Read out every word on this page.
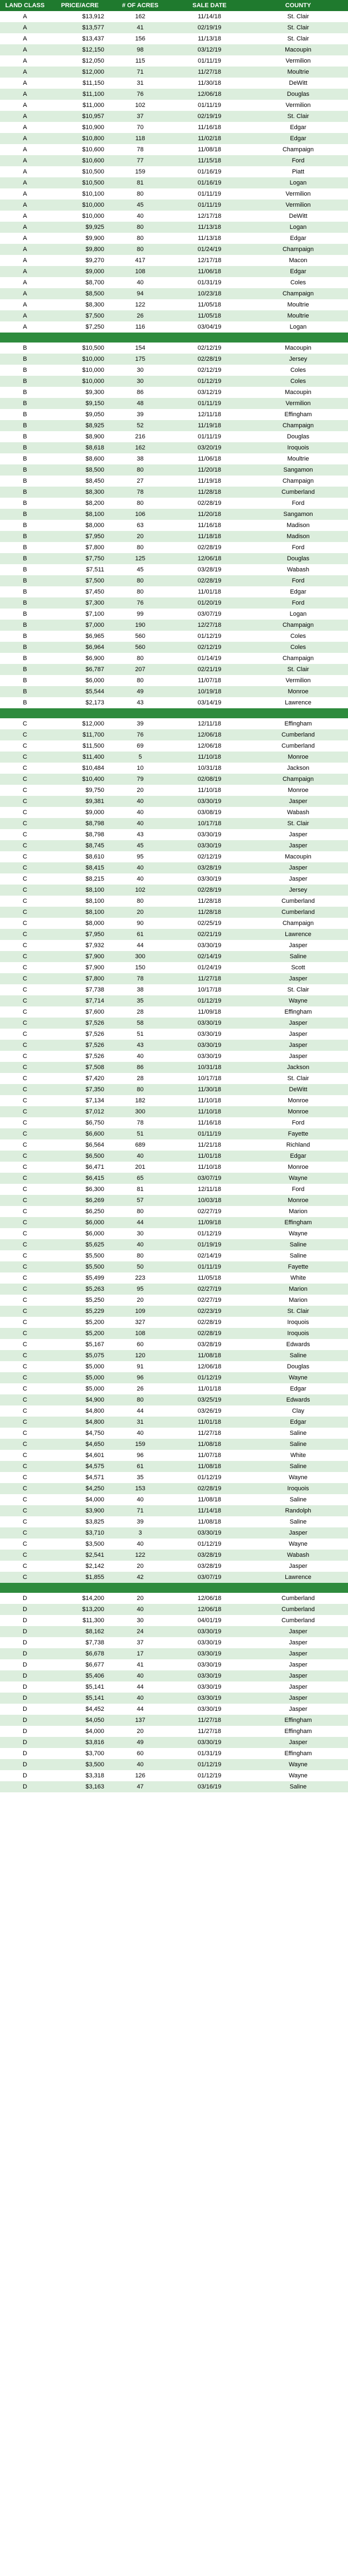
LAND CLASS	PRICE/ACRE	# OF ACRES	SALE DATE	COUNTY
A	$13,912	162	11/14/18	St. Clair
A	$13,577	41	02/19/19	St. Clair
A	$13,437	156	11/13/18	St. Clair
A	$12,150	98	03/12/19	Macoupin
A	$12,050	115	01/11/19	Vermilion
A	$12,000	71	11/27/18	Moultrie
A	$11,150	31	11/30/18	DeWitt
A	$11,100	76	12/06/18	Douglas
A	$11,000	102	01/11/19	Vermilion
A	$10,957	37	02/19/19	St. Clair
A	$10,900	70	11/16/18	Edgar
A	$10,800	118	11/02/18	Edgar
A	$10,600	78	11/08/18	Champaign
A	$10,600	77	11/15/18	Ford
A	$10,500	159	01/16/19	Piatt
A	$10,500	81	01/16/19	Logan
A	$10,100	80	01/11/19	Vermilion
A	$10,000	45	01/11/19	Vermilion
A	$10,000	40	12/17/18	DeWitt
A	$9,925	80	11/13/18	Logan
A	$9,900	80	11/13/18	Edgar
A	$9,800	80	01/24/19	Champaign
A	$9,270	417	12/17/18	Macon
A	$9,000	108	11/06/18	Edgar
A	$8,700	40	01/31/19	Coles
A	$8,500	94	10/23/18	Champaign
A	$8,300	122	11/05/18	Moultrie
A	$7,500	26	11/05/18	Moultrie
A	$7,250	116	03/04/19	Logan
B	$10,500	154	02/12/19	Macoupin
B	$10,000	175	02/28/19	Jersey
B	$10,000	30	02/12/19	Coles
B	$10,000	30	01/12/19	Coles
B	$9,300	86	03/12/19	Macoupin
B	$9,150	48	01/11/19	Vermilion
B	$9,050	39	12/11/18	Effingham
B	$8,925	52	11/19/18	Champaign
B	$8,900	216	01/11/19	Douglas
B	$8,618	162	03/20/19	Iroquois
B	$8,600	38	11/06/18	Moultrie
B	$8,500	80	11/20/18	Sangamon
B	$8,450	27	11/19/18	Champaign
B	$8,300	78	11/28/18	Cumberland
B	$8,200	80	02/28/19	Ford
B	$8,100	106	11/20/18	Sangamon
B	$8,000	63	11/16/18	Madison
B	$7,950	20	11/18/18	Madison
B	$7,800	80	02/28/19	Ford
B	$7,750	125	12/06/18	Douglas
B	$7,511	45	03/28/19	Wabash
B	$7,500	80	02/28/19	Ford
B	$7,450	80	11/01/18	Edgar
B	$7,300	76	01/20/19	Ford
B	$7,100	99	03/07/19	Logan
B	$7,000	190	12/27/18	Champaign
B	$6,965	560	01/12/19	Coles
B	$6,964	560	02/12/19	Coles
B	$6,900	80	01/14/19	Champaign
B	$6,787	207	02/21/19	St. Clair
B	$6,000	80	11/07/18	Vermilion
B	$5,544	49	10/19/18	Monroe
B	$2,173	43	03/14/19	Lawrence
C	$12,000	39	12/11/18	Effingham
C	$11,700	76	12/06/18	Cumberland
C	$11,500	69	12/06/18	Cumberland
C	$11,400	5	11/10/18	Monroe
C	$10,484	10	10/31/18	Jackson
C	$10,400	79	02/08/19	Champaign
C	$9,750	20	11/10/18	Monroe
C	$9,381	40	03/30/19	Jasper
C	$9,000	40	03/08/19	Wabash
C	$8,798	40	10/17/18	St. Clair
C	$8,798	43	03/30/19	Jasper
C	$8,745	45	03/30/19	Jasper
C	$8,610	95	02/12/19	Macoupin
C	$8,415	40	03/28/19	Jasper
C	$8,215	40	03/30/19	Jasper
C	$8,100	102	02/28/19	Jersey
C	$8,100	80	11/28/18	Cumberland
C	$8,100	20	11/28/18	Cumberland
C	$8,000	90	02/25/19	Champaign
C	$7,950	61	02/21/19	Lawrence
C	$7,932	44	03/30/19	Jasper
C	$7,900	300	02/14/19	Saline
C	$7,900	150	01/24/19	Scott
C	$7,800	78	11/27/18	Jasper
C	$7,738	38	10/17/18	St. Clair
C	$7,714	35	01/12/19	Wayne
C	$7,600	28	11/09/18	Effingham
C	$7,526	58	03/30/19	Jasper
C	$7,526	51	03/30/19	Jasper
C	$7,526	43	03/30/19	Jasper
C	$7,526	40	03/30/19	Jasper
C	$7,508	86	10/31/18	Jackson
C	$7,420	28	10/17/18	St. Clair
C	$7,350	80	11/30/18	DeWitt
C	$7,134	182	11/10/18	Monroe
C	$7,012	300	11/10/18	Monroe
C	$6,750	78	11/16/18	Ford
C	$6,600	51	01/11/19	Fayette
C	$6,564	689	11/21/18	Richland
C	$6,500	40	11/01/18	Edgar
C	$6,471	201	11/10/18	Monroe
C	$6,415	65	03/07/19	Wayne
C	$6,300	81	12/11/18	Ford
C	$6,269	57	10/03/18	Monroe
C	$6,250	80	02/27/19	Marion
C	$6,000	44	11/09/18	Effingham
C	$6,000	30	01/12/19	Wayne
C	$5,625	40	01/19/19	Saline
C	$5,500	80	02/14/19	Saline
C	$5,500	50	01/11/19	Fayette
C	$5,499	223	11/05/18	White
C	$5,263	95	02/27/19	Marion
C	$5,250	20	02/27/19	Marion
C	$5,229	109	02/23/19	St. Clair
C	$5,200	327	02/28/19	Iroquois
C	$5,200	108	02/28/19	Iroquois
C	$5,167	60	03/28/19	Edwards
C	$5,075	120	11/08/18	Saline
C	$5,000	91	12/06/18	Douglas
C	$5,000	96	01/12/19	Wayne
C	$5,000	26	11/01/18	Edgar
C	$4,900	80	03/25/19	Edwards
C	$4,800	44	03/26/19	Clay
C	$4,800	31	11/01/18	Edgar
C	$4,750	40	11/27/18	Saline
C	$4,650	159	11/08/18	Saline
C	$4,601	96	11/07/18	White
C	$4,575	61	11/08/18	Saline
C	$4,571	35	01/12/19	Wayne
C	$4,250	153	02/28/19	Iroquois
C	$4,000	40	11/08/18	Saline
C	$3,900	71	11/14/18	Randolph
C	$3,825	39	11/08/18	Saline
C	$3,710	3	03/30/19	Jasper
C	$3,500	40	01/12/19	Wayne
C	$2,541	122	03/28/19	Wabash
C	$2,142	20	03/28/19	Jasper
C	$1,855	42	03/07/19	Lawrence
D	$14,200	20	12/06/18	Cumberland
D	$13,200	40	12/06/18	Cumberland
D	$11,300	30	04/01/19	Cumberland
D	$8,162	24	03/30/19	Jasper
D	$7,738	37	03/30/19	Jasper
D	$6,678	17	03/30/19	Jasper
D	$6,677	41	03/30/19	Jasper
D	$5,406	40	03/30/19	Jasper
D	$5,141	44	03/30/19	Jasper
D	$5,141	40	03/30/19	Jasper
D	$4,452	44	03/30/19	Jasper
D	$4,050	137	11/27/18	Effingham
D	$4,000	20	11/27/18	Effingham
D	$3,816	49	03/30/19	Jasper
D	$3,700	60	01/31/19	Effingham
D	$3,500	40	01/12/19	Wayne
D	$3,318	126	01/12/19	Wayne
D	$3,163	47	03/16/19	Saline
